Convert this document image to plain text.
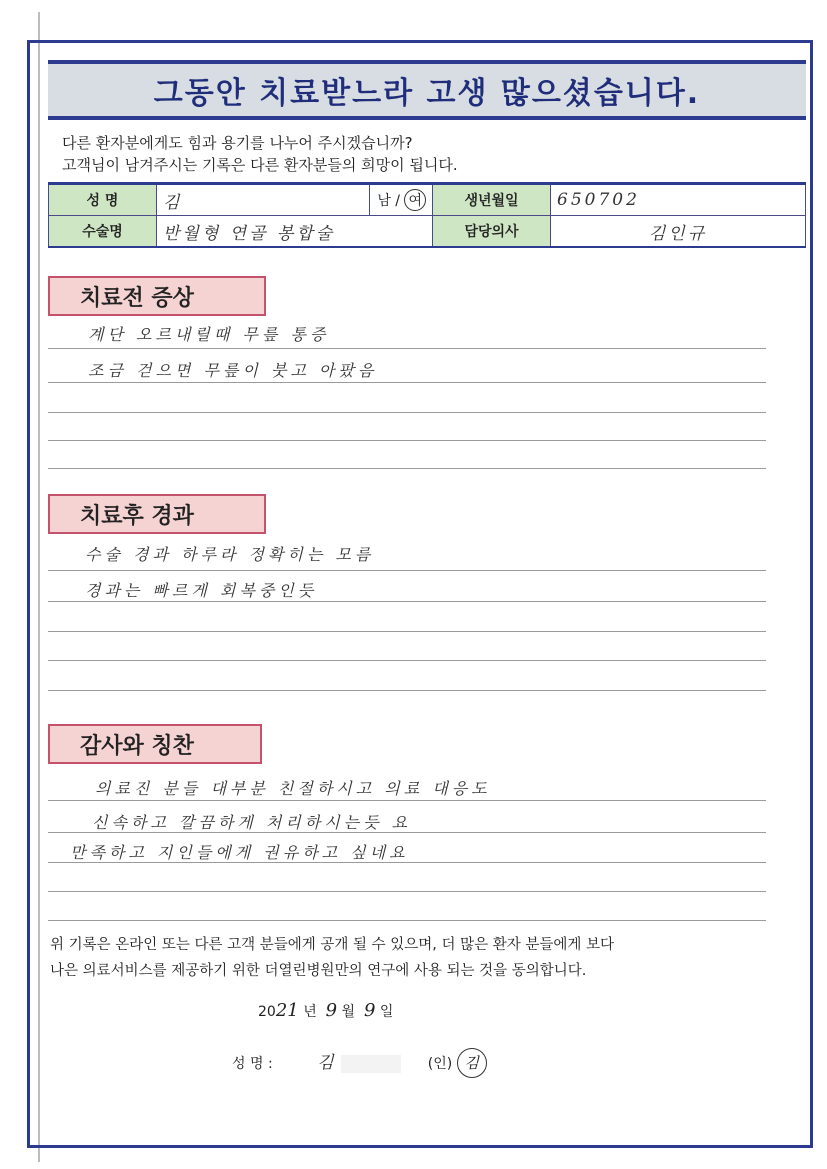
그동안 치료받느라 고생 많으셨습니다.
다른 환자분에게도 힘과 용기를 나누어 주시겠습니까?
고객님이 남겨주시는 기록은 다른 환자분들의 희망이 됩니다.
성 명	김	남 / 여	생년월일	650702
수술명	반월형 연골 봉합술		담당의사	김인규
치료전 증상
계단 오르내릴때 무릎 통증
조금 걷으면 무릎이 붓고 아팠음
치료후 경과
수술 경과 하루라 정확히는 모름
경과는 빠르게 회복중인듯
감사와 칭찬
의료진 분들 대부분 친절하시고 의료 대응도
신속하고 깔끔하게 처리하시는듯 요
만족하고 지인들에게 권유하고 싶네요
위 기록은 온라인 또는 다른 고객 분들에게 공개 될 수 있으며, 더 많은 환자 분들에게 보다
나은 의료서비스를 제공하기 위한 더열린병원만의 연구에 사용 되는 것을 동의합니다.
2021 년 9 월 9 일
성 명 :	김	(인) 김
